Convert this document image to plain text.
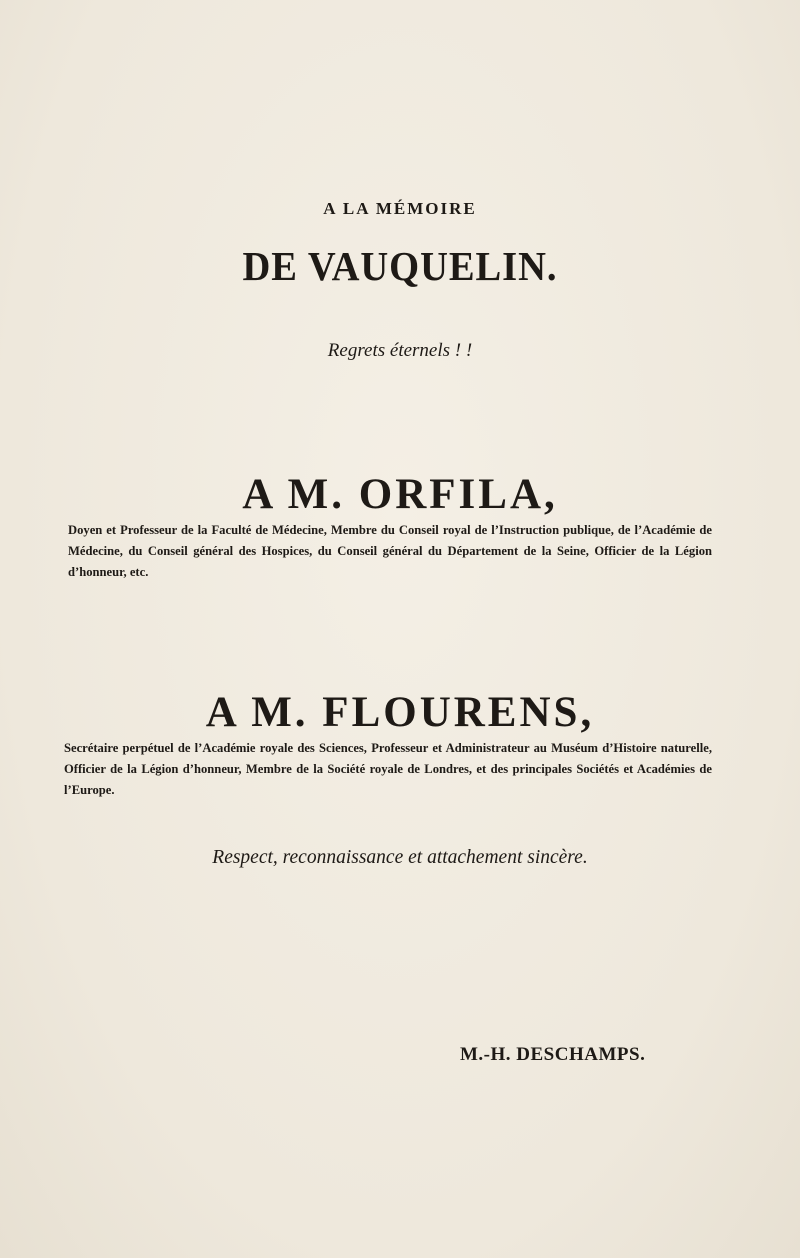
A LA MÉMOIRE
DE VAUQUELIN.
Regrets éternels ! !
A M. ORFILA,
Doyen et Professeur de la Faculté de Médecine, Membre du Conseil royal de l’Instruction publique, de l’Académie de Médecine, du Conseil général des Hospices, du Conseil général du Département de la Seine, Officier de la Légion d’honneur, etc.
A M. FLOURENS,
Secrétaire perpétuel de l’Académie royale des Sciences, Professeur et Administrateur au Muséum d’Histoire naturelle, Officier de la Légion d’honneur, Membre de la Société royale de Londres, et des principales Sociétés et Académies de l’Europe.
Respect, reconnaissance et attachement sincère.
M.-H. DESCHAMPS.
